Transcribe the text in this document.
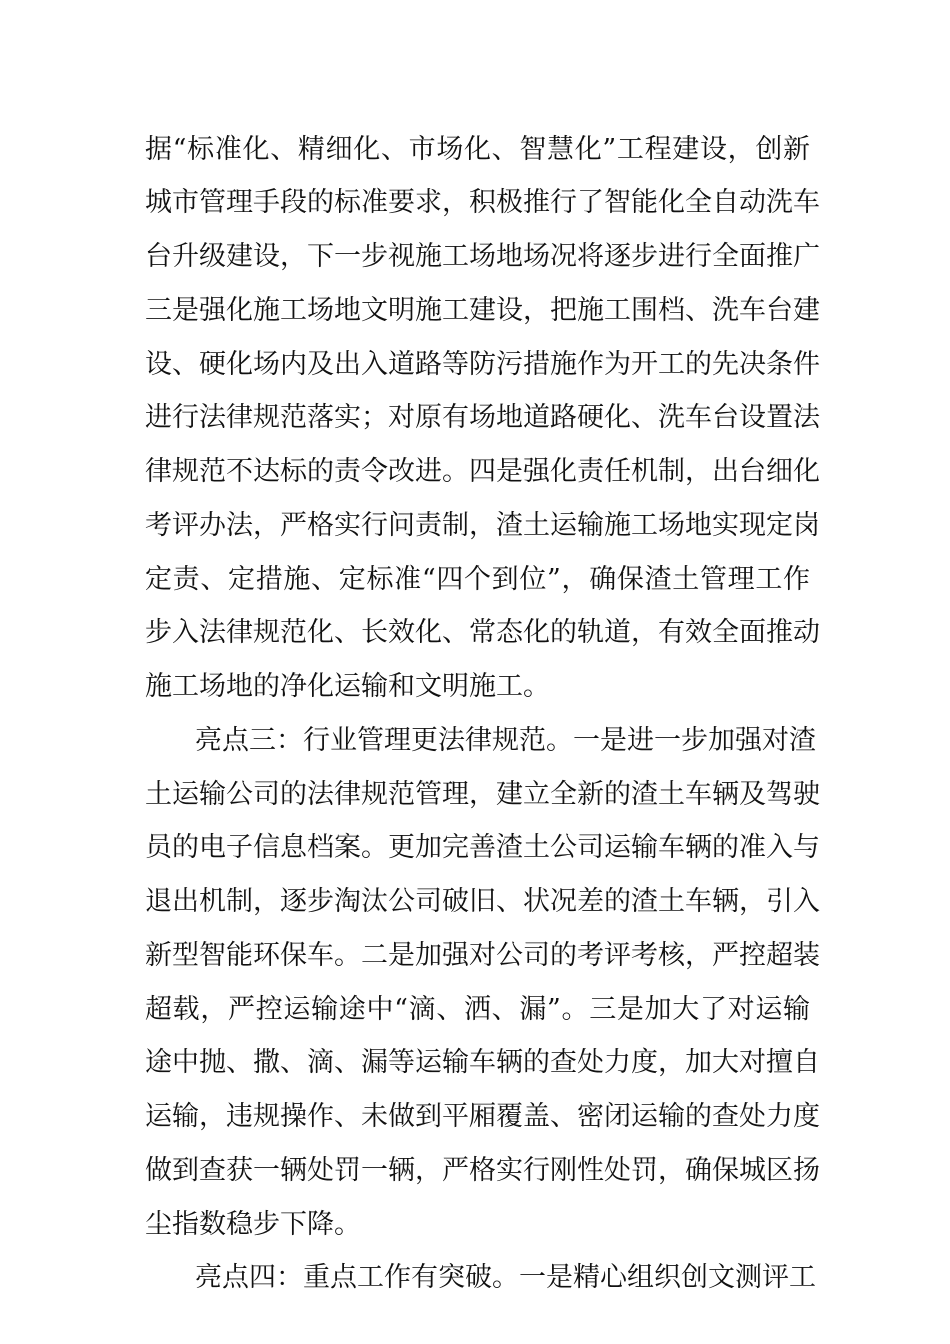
据“标准化、精细化、市场化、智慧化”工程建设，创新
城市管理手段的标准要求，积极推行了智能化全自动洗车
台升级建设，下一步视施工场地场况将逐步进行全面推广
三是强化施工场地文明施工建设，把施工围档、洗车台建
设、硬化场内及出入道路等防污措施作为开工的先决条件
进行法律规范落实；对原有场地道路硬化、洗车台设置法
律规范不达标的责令改进。四是强化责任机制，出台细化
考评办法，严格实行问责制，渣土运输施工场地实现定岗
定责、定措施、定标准“四个到位”，确保渣土管理工作
步入法律规范化、长效化、常态化的轨道，有效全面推动
施工场地的净化运输和文明施工。
亮点三：行业管理更法律规范。一是进一步加强对渣
土运输公司的法律规范管理，建立全新的渣土车辆及驾驶
员的电子信息档案。更加完善渣土公司运输车辆的准入与
退出机制，逐步淘汰公司破旧、状况差的渣土车辆，引入
新型智能环保车。二是加强对公司的考评考核，严控超装
超载，严控运输途中“滴、洒、漏”。三是加大了对运输
途中抛、撒、滴、漏等运输车辆的查处力度，加大对擅自
运输，违规操作、未做到平厢覆盖、密闭运输的查处力度
做到查获一辆处罚一辆，严格实行刚性处罚，确保城区扬
尘指数稳步下降。
亮点四：重点工作有突破。一是精心组织创文测评工
